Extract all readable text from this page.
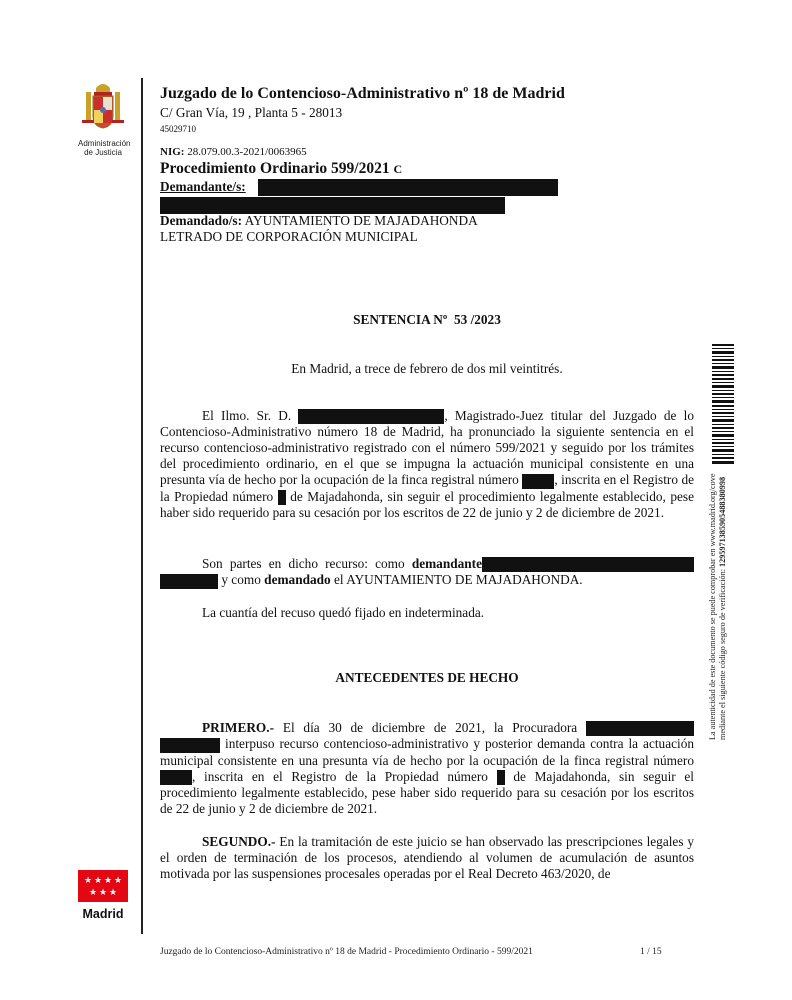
Administración de Justicia
Juzgado de lo Contencioso-Administrativo nº 18 de Madrid
C/ Gran Vía, 19 , Planta 5 - 28013
45029710
NIG: 28.079.00.3-2021/0063965
Procedimiento Ordinario 599/2021 C
Demandante/s:
Demandado/s: AYUNTAMIENTO DE MAJADAHONDA
LETRADO DE CORPORACIÓN MUNICIPAL
SENTENCIA Nº  53 /2023
En Madrid, a trece de febrero de dos mil veintitrés.
El Ilmo. Sr. D.	, Magistrado-Juez titular del Juzgado de lo Contencioso-Administrativo número 18 de Madrid, ha pronunciado la siguiente sentencia en el recurso contencioso-administrativo registrado con el número 599/2021 y seguido por los trámites del procedimiento ordinario, en el que se impugna la actuación municipal consistente en una presunta vía de hecho por la ocupación de la finca registral número	, inscrita en el Registro de la Propiedad número de Majadahonda, sin seguir el procedimiento legalmente establecido, pese haber sido requerido para su cesación por los escritos de 22 de junio y 2 de diciembre de 2021.
Son partes en dicho recurso: como demandante  y como demandado el AYUNTAMIENTO DE MAJADAHONDA.
La cuantía del recuso quedó fijado en indeterminada.
ANTECEDENTES DE HECHO
PRIMERO.- El día 30 de diciembre de 2021, la Procuradora   interpuso recurso contencioso-administrativo y posterior demanda contra la actuación municipal consistente en una presunta vía de hecho por la ocupación de la finca registral número , inscrita en el Registro de la Propiedad número de Majadahonda, sin seguir el procedimiento legalmente establecido, pese haber sido requerido para su cesación por los escritos de 22 de junio y 2 de diciembre de 2021.
SEGUNDO.- En la tramitación de este juicio se han observado las prescripciones legales y el orden de terminación de los procesos, atendiendo al volumen de acumulación de asuntos motivada por las suspensiones procesales operadas por el Real Decreto 463/2020, de
La autenticidad de este documento se puede comprobar en www.madrid.org/cove mediante el siguiente código seguro de verificación: 1295971385905488380998
★ ★ ★ ★
★ ★ ★
Madrid
Juzgado de lo Contencioso-Administrativo nº 18 de Madrid - Procedimiento Ordinario - 599/2021	1 / 15
